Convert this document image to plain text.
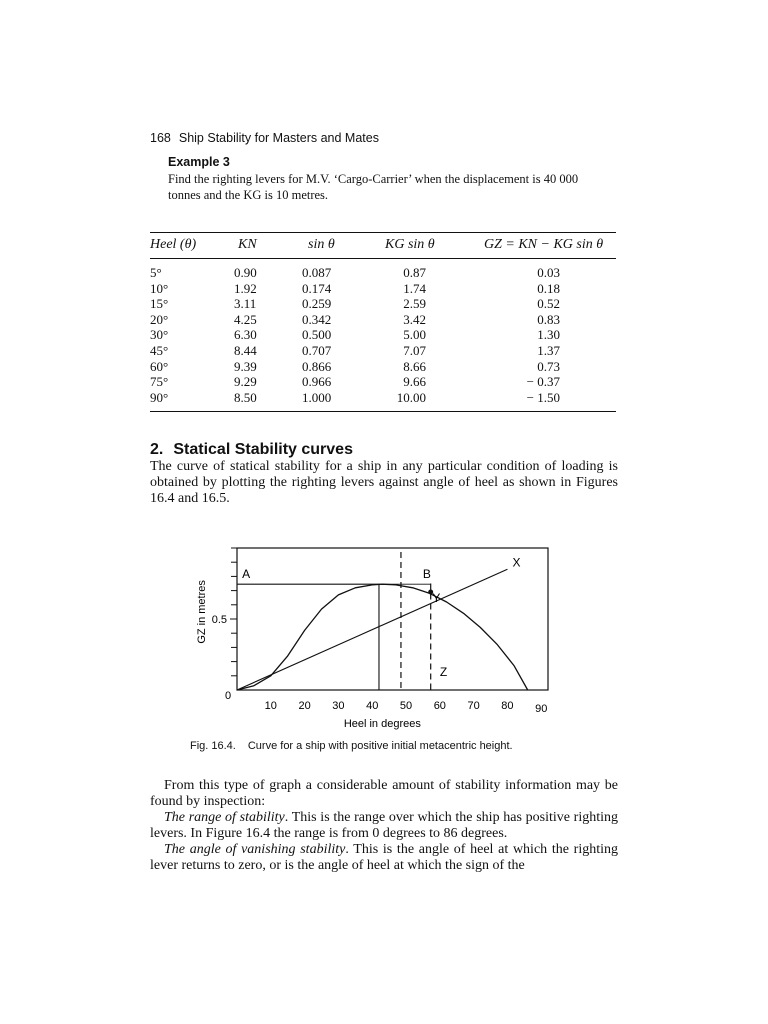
168 Ship Stability for Masters and Mates
Example 3
Find the righting levers for M.V. ‘Cargo-Carrier’ when the displacement is 40 000 tonnes and the KG is 10 metres.
Heel (θ)	KN	sin θ	KG sin θ	GZ = KN − KG sin θ
5°	0.90	0.087	0.87	0.03
10°	1.92	0.174	1.74	0.18
15°	3.11	0.259	2.59	0.52
20°	4.25	0.342	3.42	0.83
30°	6.30	0.500	5.00	1.30
45°	8.44	0.707	7.07	1.37
60°	9.39	0.866	8.66	0.73
75°	9.29	0.966	9.66	− 0.37
90°	8.50	1.000	10.00	− 1.50
2. Statical Stability curves
The curve of statical stability for a ship in any particular condition of loading is obtained by plotting the righting levers against angle of heel as shown in Figures 16.4 and 16.5.
0
10 20 30 40 50 60 70 80 90
0.5
Heel in degrees
GZ in metres
A	B
X
Y
Z
Fig. 16.4. Curve for a ship with positive initial metacentric height.

From this type of graph a considerable amount of stability information may be found by inspection:

The range of stability. This is the range over which the ship has positive righting levers. In Figure 16.4 the range is from 0 degrees to 86 degrees.

The angle of vanishing stability. This is the angle of heel at which the righting lever returns to zero, or is the angle of heel at which the sign of the
